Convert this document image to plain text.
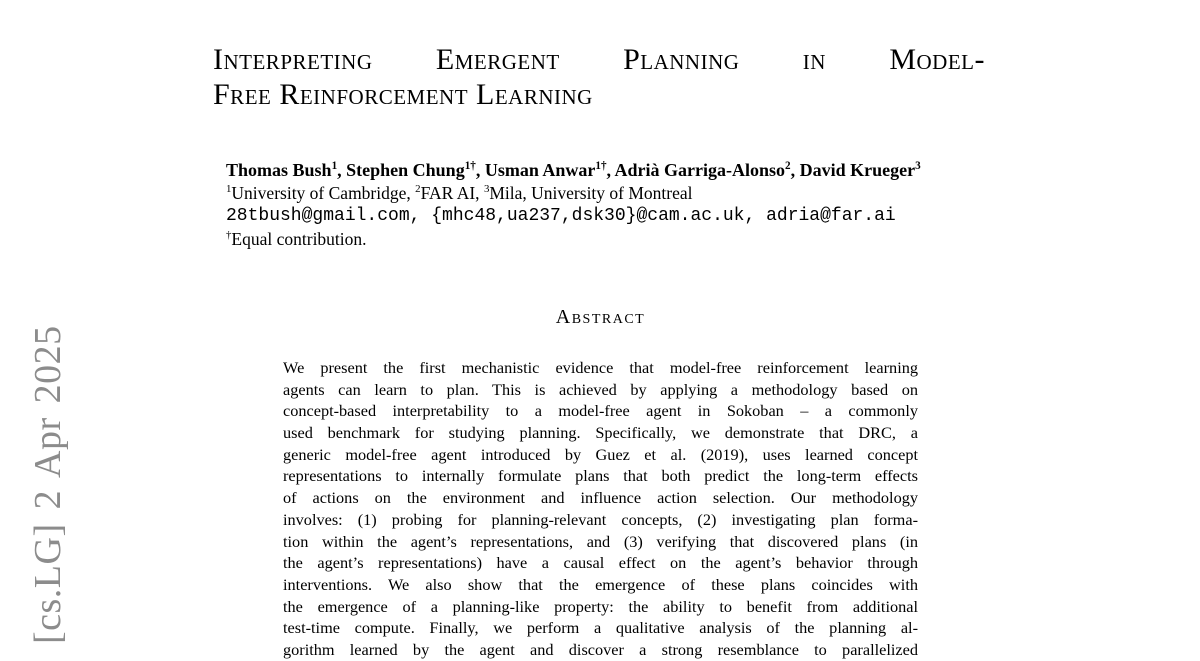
[cs.LG] 2 Apr 2025
Interpreting Emergent Planning in Model-
Free Reinforcement Learning
Thomas Bush$^1$, Stephen Chung$^{1\dagger}$, Usman Anwar$^{1\dagger}$, Adrià Garriga-Alonso$^2$, David Krueger$^3$
$^1$University of Cambridge, $^2$FAR AI, $^3$Mila, University of Montreal
28tbush@gmail.com, {mhc48,ua237,dsk30}@cam.ac.uk, adria@far.ai
†Equal contribution.
Abstract
We present the first mechanistic evidence that model-free reinforcement learning
agents can learn to plan. This is achieved by applying a methodology based on
concept-based interpretability to a model-free agent in Sokoban – a commonly
used benchmark for studying planning. Specifically, we demonstrate that DRC, a
generic model-free agent introduced by Guez et al. (2019), uses learned concept
representations to internally formulate plans that both predict the long-term effects
of actions on the environment and influence action selection. Our methodology
involves: (1) probing for planning-relevant concepts, (2) investigating plan forma-
tion within the agent’s representations, and (3) verifying that discovered plans (in
the agent’s representations) have a causal effect on the agent’s behavior through
interventions. We also show that the emergence of these plans coincides with
the emergence of a planning-like property: the ability to benefit from additional
test-time compute. Finally, we perform a qualitative analysis of the planning al-
gorithm learned by the agent and discover a strong resemblance to parallelized
